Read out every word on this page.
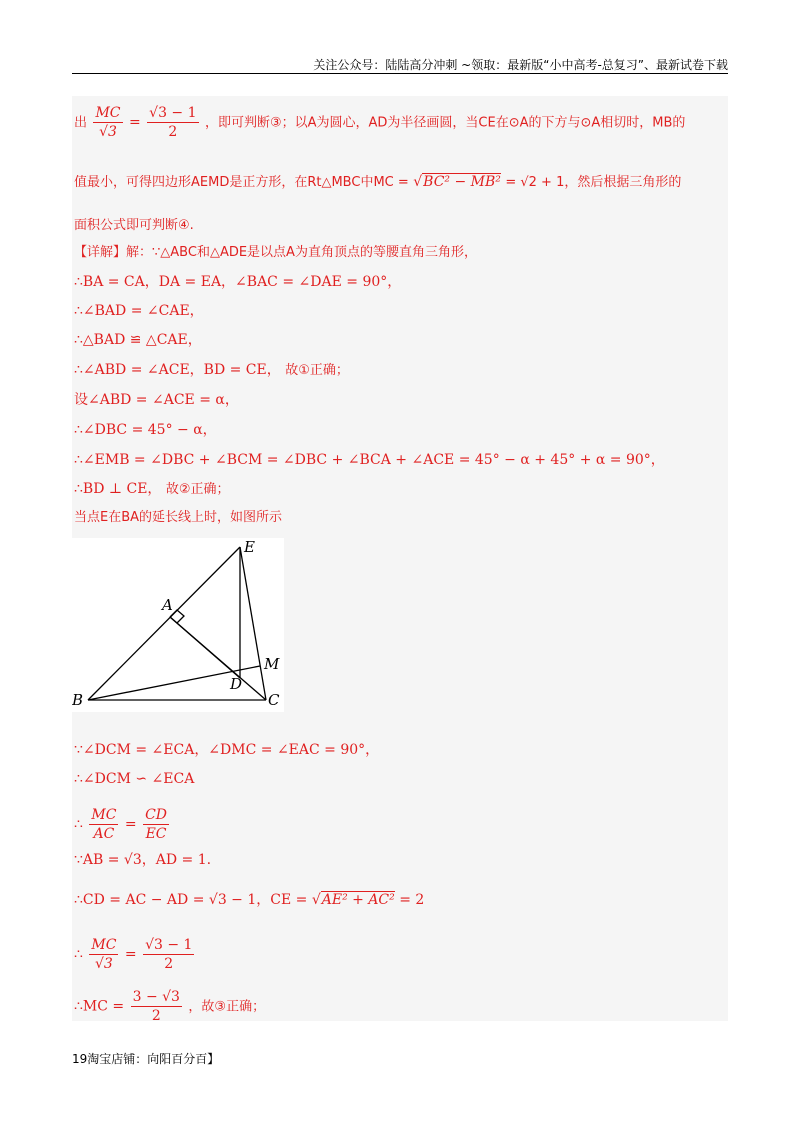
关注公众号：陆陆高分冲刺 ~领取：最新版“小中高考-总复习”、最新试卷下载
出 $\frac{MC}{√3} = \frac{√3 - 1}{2}$ ，即可判断③；以A为圆心，AD为半径画圆，当CE在⊙A的下方与⊙A相切时，MB的
值最小，可得四边形AEMD是正方形，在Rt△MBC中MC = √BC² − MB² = √2 + 1，然后根据三角形的
面积公式即可判断④.
【详解】解：∵△ABC和△ADE是以点A为直角顶点的等腰直角三角形，
∴BA = CA，DA = EA，∠BAC = ∠DAE = 90°，
∴∠BAD = ∠CAE，
∴△BAD ≌ △CAE，
∴∠ABD = ∠ACE，BD = CE， 故①正确；
设∠ABD = ∠ACE = α，
∴∠DBC = 45° − α，
∴∠EMB = ∠DBC + ∠BCM = ∠DBC + ∠BCA + ∠ACE = 45° − α + 45° + α = 90°，
∴BD ⊥ CE， 故②正确；
当点E在BA的延长线上时，如图所示
E
A
M
D
B	C
∵∠DCM = ∠ECA，∠DMC = ∠EAC = 90°，
∴∠DCM ∽ ∠ECA
∴ $\frac{MC}{AC} = \frac{CD}{EC}$
∵AB = √3，AD = 1.
∴CD = AC − AD = √3 − 1，CE = √AE² + AC² = 2
∴ $\frac{MC}{√3} = \frac{√3 - 1}{2}$
∴MC = $\frac{3 - √3}{2}$ ，故③正确；
19淘宝店铺：向阳百分百】
